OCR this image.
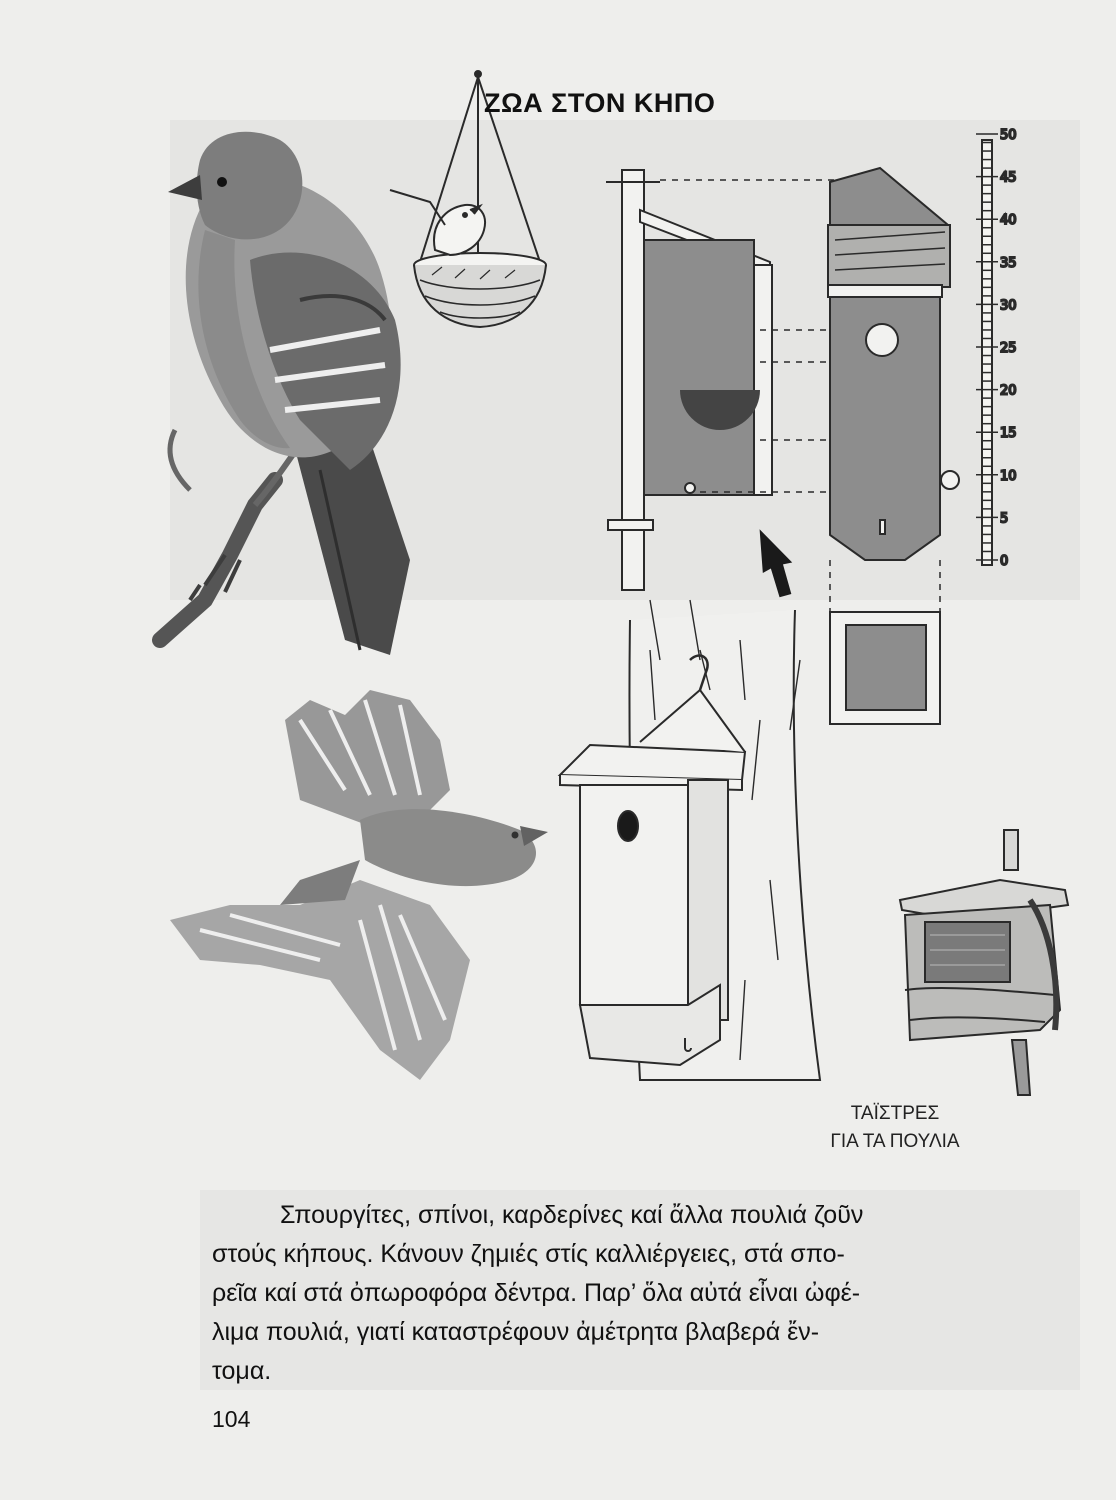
50
45
40
35
30
25
20
15
10
5
0
ΖΩΑ ΣΤΟΝ ΚΗΠΟ
ΤΑΪΣΤΡΕΣ
ΓΙΑ ΤΑ ΠΟΥΛΙΑ
Σπουργίτες, σπίνοι, καρδερίνες καί ἄλλα πουλιά ζοῦν
στούς κήπους. Κάνουν ζημιές στίς καλλιέργειες, στά σπο-
ρεῖα καί στά ὀπωροφόρα δέντρα. Παρ’ ὅλα αὐτά εἶναι ὠφέ-
λιμα πουλιά, γιατί καταστρέφουν ἀμέτρητα βλαβερά ἔν-
τομα.
104
